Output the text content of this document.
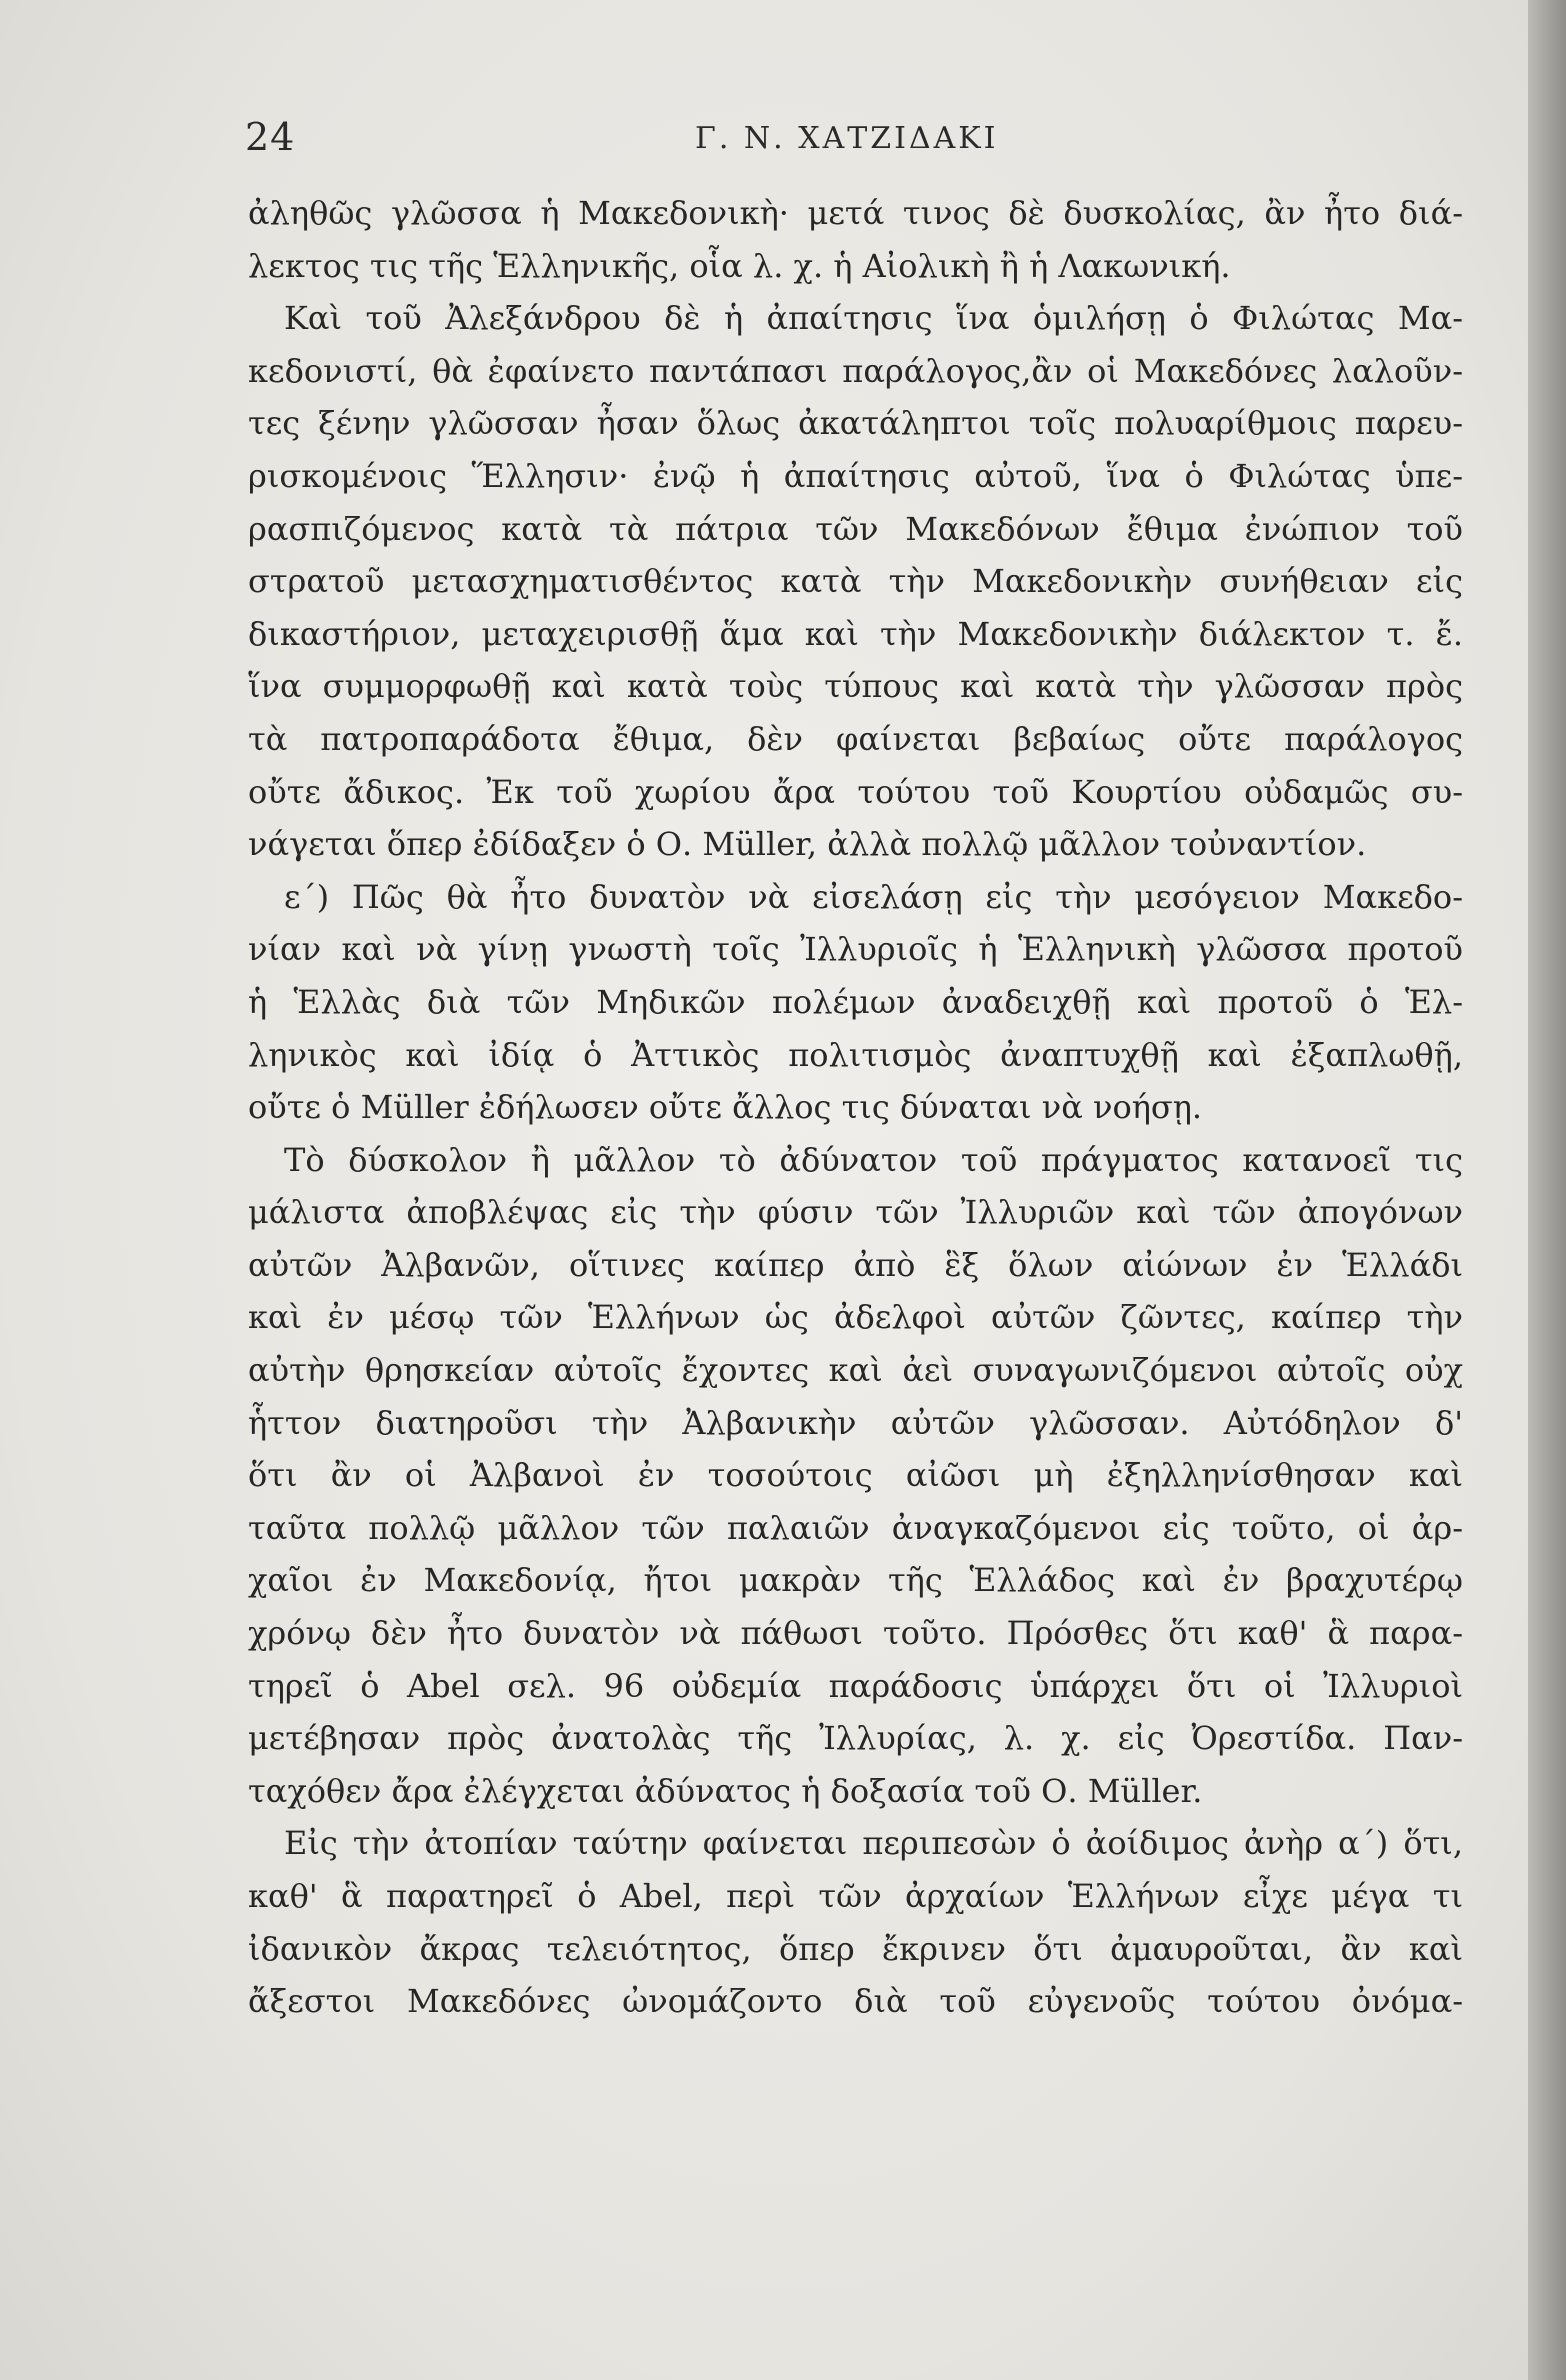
24	Γ. Ν. ΧΑΤΖΙΔΑΚΙ
ἀληθῶς γλῶσσα ἡ Μακεδονικὴ· μετά τινος δὲ δυσκολίας, ἂν ἦτο διά-
λεκτος τις τῆς Ἑλληνικῆς, οἷα λ. χ. ἡ Αἰολικὴ ἢ ἡ Λακωνική.
Καὶ τοῦ Ἀλεξάνδρου δὲ ἡ ἀπαίτησις ἵνα ὁμιλήσῃ ὁ Φιλώτας Μα-
κεδονιστί, θὰ ἐφαίνετο παντάπασι παράλογος,ἂν οἱ Μακεδόνες λαλοῦν-
τες ξένην γλῶσσαν ἦσαν ὅλως ἀκατάληπτοι τοῖς πολυαρίθμοις παρευ-
ρισκομένοις Ἕλλησιν· ἐνῷ ἡ ἀπαίτησις αὐτοῦ, ἵνα ὁ Φιλώτας ὑπε-
ρασπιζόμενος κατὰ τὰ πάτρια τῶν Μακεδόνων ἔθιμα ἐνώπιον τοῦ
στρατοῦ μετασχηματισθέντος κατὰ τὴν Μακεδονικὴν συνήθειαν εἰς
δικαστήριον, μεταχειρισθῇ ἅμα καὶ τὴν Μακεδονικὴν διάλεκτον τ. ἔ.
ἵνα συμμορφωθῇ καὶ κατὰ τοὺς τύπους καὶ κατὰ τὴν γλῶσσαν πρὸς
τὰ πατροπαράδοτα ἔθιμα, δὲν φαίνεται βεβαίως οὔτε παράλογος
οὔτε ἄδικος. Ἐκ τοῦ χωρίου ἄρα τούτου τοῦ Κουρτίου οὐδαμῶς συ-
νάγεται ὅπερ ἐδίδαξεν ὁ Ο. Müller, ἀλλὰ πολλῷ μᾶλλον τοὐναντίον.
ε΄) Πῶς θὰ ἦτο δυνατὸν νὰ εἰσελάσῃ εἰς τὴν μεσόγειον Μακεδο-
νίαν καὶ νὰ γίνῃ γνωστὴ τοῖς Ἰλλυριοῖς ἡ Ἑλληνικὴ γλῶσσα προτοῦ
ἡ Ἑλλὰς διὰ τῶν Μηδικῶν πολέμων ἀναδειχθῇ καὶ προτοῦ ὁ Ἑλ-
ληνικὸς καὶ ἰδίᾳ ὁ Ἀττικὸς πολιτισμὸς ἀναπτυχθῇ καὶ ἐξαπλωθῇ,
οὔτε ὁ Müller ἐδήλωσεν οὔτε ἄλλος τις δύναται νὰ νοήσῃ.
Τὸ δύσκολον ἢ μᾶλλον τὸ ἀδύνατον τοῦ πράγματος κατανοεῖ τις
μάλιστα ἀποβλέψας εἰς τὴν φύσιν τῶν Ἰλλυριῶν καὶ τῶν ἀπογόνων
αὐτῶν Ἀλβανῶν, οἵτινες καίπερ ἀπὸ ἓξ ὅλων αἰώνων ἐν Ἑλλάδι
καὶ ἐν μέσῳ τῶν Ἑλλήνων ὡς ἀδελφοὶ αὐτῶν ζῶντες, καίπερ τὴν
αὐτὴν θρησκείαν αὐτοῖς ἔχοντες καὶ ἀεὶ συναγωνιζόμενοι αὐτοῖς οὐχ
ἧττον διατηροῦσι τὴν Ἀλβανικὴν αὐτῶν γλῶσσαν. Αὐτόδηλον δ'
ὅτι ἂν οἱ Ἀλβανοὶ ἐν τοσούτοις αἰῶσι μὴ ἐξηλληνίσθησαν καὶ
ταῦτα πολλῷ μᾶλλον τῶν παλαιῶν ἀναγκαζόμενοι εἰς τοῦτο, οἱ ἀρ-
χαῖοι ἐν Μακεδονίᾳ, ἤτοι μακρὰν τῆς Ἑλλάδος καὶ ἐν βραχυτέρῳ
χρόνῳ δὲν ἦτο δυνατὸν νὰ πάθωσι τοῦτο. Πρόσθες ὅτι καθ' ἃ παρα-
τηρεῖ ὁ Abel σελ. 96 οὐδεμία παράδοσις ὑπάρχει ὅτι οἱ Ἰλλυριοὶ
μετέβησαν πρὸς ἀνατολὰς τῆς Ἰλλυρίας, λ. χ. εἰς Ὀρεστίδα. Παν-
ταχόθεν ἄρα ἐλέγχεται ἀδύνατος ἡ δοξασία τοῦ Ο. Müller.
Εἰς τὴν ἀτοπίαν ταύτην φαίνεται περιπεσὼν ὁ ἀοίδιμος ἀνὴρ α΄) ὅτι,
καθ' ἃ παρατηρεῖ ὁ Abel, περὶ τῶν ἀρχαίων Ἑλλήνων εἶχε μέγα τι
ἰδανικὸν ἄκρας τελειότητος, ὅπερ ἔκρινεν ὅτι ἀμαυροῦται, ἂν καὶ
ἄξεστοι Μακεδόνες ὠνομάζοντο διὰ τοῦ εὐγενοῦς τούτου ὀνόμα-
